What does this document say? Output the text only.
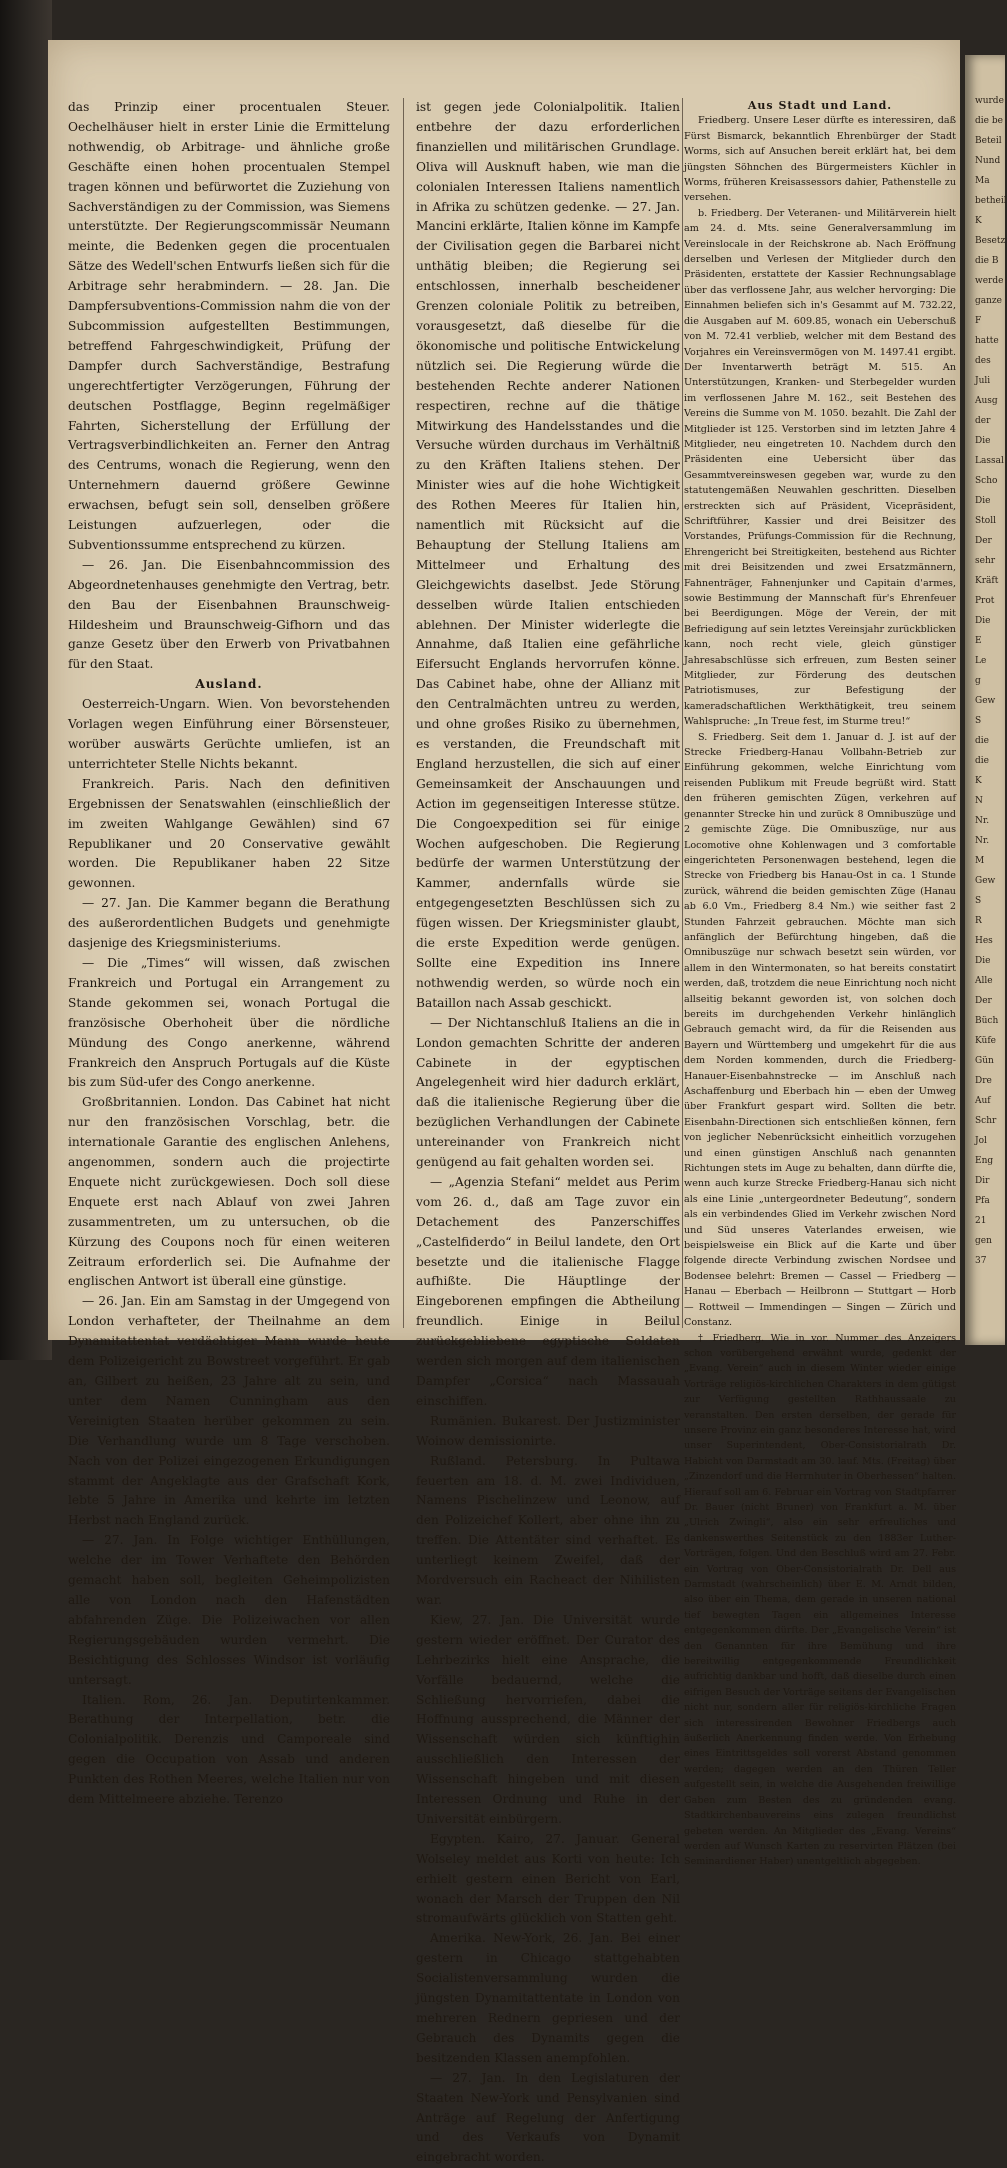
das Prinzip einer procentualen Steuer. Oechelhäuser hielt in erster Linie die Ermittelung nothwendig, ob Arbitrage- und ähnliche große Geschäfte einen hohen procentualen Stempel tragen können und befürwortet die Zuziehung von Sachverständigen zu der Commission, was Siemens unterstützte. Der Regierungscommissär Neumann meinte, die Bedenken gegen die procentualen Sätze des Wedell'schen Entwurfs ließen sich für die Arbitrage sehr herabmindern. — 28. Jan. Die Dampfersubventions-Commission nahm die von der Subcommission aufgestellten Bestimmungen, betreffend Fahrgeschwindigkeit, Prüfung der Dampfer durch Sachverständige, Bestrafung ungerechtfertigter Verzögerungen, Führung der deutschen Postflagge, Beginn regelmäßiger Fahrten, Sicherstellung der Erfüllung der Vertragsverbindlichkeiten an. Ferner den Antrag des Centrums, wonach die Regierung, wenn den Unternehmern dauernd größere Gewinne erwachsen, befugt sein soll, denselben größere Leistungen aufzuerlegen, oder die Subventionssumme entsprechend zu kürzen.

— 26. Jan. Die Eisenbahncommission des Abgeordnetenhauses genehmigte den Vertrag, betr. den Bau der Eisenbahnen Braunschweig-Hildesheim und Braunschweig-Gifhorn und das ganze Gesetz über den Erwerb von Privatbahnen für den Staat.

Ausland.

Oesterreich-Ungarn. Wien. Von bevorstehenden Vorlagen wegen Einführung einer Börsensteuer, worüber auswärts Gerüchte umliefen, ist an unterrichteter Stelle Nichts bekannt.

Frankreich. Paris. Nach den definitiven Ergebnissen der Senatswahlen (einschließlich der im zweiten Wahlgange Gewählen) sind 67 Republikaner und 20 Conservative gewählt worden. Die Republikaner haben 22 Sitze gewonnen.

— 27. Jan. Die Kammer begann die Berathung des außerordentlichen Budgets und genehmigte dasjenige des Kriegsministeriums.

— Die „Times“ will wissen, daß zwischen Frankreich und Portugal ein Arrangement zu Stande gekommen sei, wonach Portugal die französische Oberhoheit über die nördliche Mündung des Congo anerkenne, während Frankreich den Anspruch Portugals auf die Küste bis zum Süd-ufer des Congo anerkenne.

Großbritannien. London. Das Cabinet hat nicht nur den französischen Vorschlag, betr. die internationale Garantie des englischen Anlehens, angenommen, sondern auch die projectirte Enquete nicht zurückgewiesen. Doch soll diese Enquete erst nach Ablauf von zwei Jahren zusammentreten, um zu untersuchen, ob die Kürzung des Coupons noch für einen weiteren Zeitraum erforderlich sei. Die Aufnahme der englischen Antwort ist überall eine günstige.

— 26. Jan. Ein am Samstag in der Umgegend von London verhafteter, der Theilnahme an dem Dynamitattentat verdächtiger Mann wurde heute dem Polizeigericht zu Bowstreet vorgeführt. Er gab an, Gilbert zu heißen, 23 Jahre alt zu sein, und unter dem Namen Cunningham aus den Vereinigten Staaten herüber gekommen zu sein. Die Verhandlung wurde um 8 Tage verschoben. Nach von der Polizei eingezogenen Erkundigungen stammt der Angeklagte aus der Grafschaft Kork, lebte 5 Jahre in Amerika und kehrte im letzten Herbst nach England zurück.

— 27. Jan. In Folge wichtiger Enthüllungen, welche der im Tower Verhaftete den Behörden gemacht haben soll, begleiten Geheimpolizisten alle von London nach den Hafenstädten abfahrenden Züge. Die Polizeiwachen vor allen Regierungsgebäuden wurden vermehrt. Die Besichtigung des Schlosses Windsor ist vorläufig untersagt.

Italien. Rom, 26. Jan. Deputirtenkammer. Berathung der Interpellation, betr. die Colonialpolitik. Derenzis und Camporeale sind gegen die Occupation von Assab und anderen Punkten des Rothen Meeres, welche Italien nur von dem Mittelmeere abziehe. Terenzo

ist gegen jede Colonialpolitik. Italien entbehre der dazu erforderlichen finanziellen und militärischen Grundlage. Oliva will Ausknuft haben, wie man die colonialen Interessen Italiens namentlich in Afrika zu schützen gedenke. — 27. Jan. Mancini erklärte, Italien könne im Kampfe der Civilisation gegen die Barbarei nicht unthätig bleiben; die Regierung sei entschlossen, innerhalb bescheidener Grenzen coloniale Politik zu betreiben, vorausgesetzt, daß dieselbe für die ökonomische und politische Entwickelung nützlich sei. Die Regierung würde die bestehenden Rechte anderer Nationen respectiren, rechne auf die thätige Mitwirkung des Handelsstandes und die Versuche würden durchaus im Verhältniß zu den Kräften Italiens stehen. Der Minister wies auf die hohe Wichtigkeit des Rothen Meeres für Italien hin, namentlich mit Rücksicht auf die Behauptung der Stellung Italiens am Mittelmeer und Erhaltung des Gleichgewichts daselbst. Jede Störung desselben würde Italien entschieden ablehnen. Der Minister widerlegte die Annahme, daß Italien eine gefährliche Eifersucht Englands hervorrufen könne. Das Cabinet habe, ohne der Allianz mit den Centralmächten untreu zu werden, und ohne großes Risiko zu übernehmen, es verstanden, die Freundschaft mit England herzustellen, die sich auf einer Gemeinsamkeit der Anschauungen und Action im gegenseitigen Interesse stütze. Die Congoexpedition sei für einige Wochen aufgeschoben. Die Regierung bedürfe der warmen Unterstützung der Kammer, andernfalls würde sie entgegengesetzten Beschlüssen sich zu fügen wissen. Der Kriegsminister glaubt, die erste Expedition werde genügen. Sollte eine Expedition ins Innere nothwendig werden, so würde noch ein Bataillon nach Assab geschickt.

— Der Nichtanschluß Italiens an die in London gemachten Schritte der anderen Cabinete in der egyptischen Angelegenheit wird hier dadurch erklärt, daß die italienische Regierung über die bezüglichen Verhandlungen der Cabinete untereinander von Frankreich nicht genügend au fait gehalten worden sei.

— „Agenzia Stefani“ meldet aus Perim vom 26. d., daß am Tage zuvor ein Detachement des Panzerschiffes „Castelfiderdo“ in Beilul landete, den Ort besetzte und die italienische Flagge aufhißte. Die Häuptlinge der Eingeborenen empfingen die Abtheilung freundlich. Einige in Beilul zurückgebliebene egyptische Soldaten werden sich morgen auf dem italienischen Dampfer „Corsica“ nach Massauah einschiffen.

Rumänien. Bukarest. Der Justizminister Woinow demissionirte.

Rußland. Petersburg. In Pultawa feuerten am 18. d. M. zwei Individuen, Namens Pischelinzew und Leonow, auf den Polizeichef Kollert, aber ohne ihn zu treffen. Die Attentäter sind verhaftet. Es unterliegt keinem Zweifel, daß der Mordversuch ein Racheact der Nihilisten war.

Kiew, 27. Jan. Die Universität wurde gestern wieder eröffnet. Der Curator des Lehrbezirks hielt eine Ansprache, die Vorfälle bedauernd, welche die Schließung hervorriefen, dabei die Hoffnung aussprechend, die Männer der Wissenschaft würden sich künftighin ausschließlich den Interessen der Wissenschaft hingeben und mit diesen Interessen Ordnung und Ruhe in der Universität einbürgern.

Egypten. Kairo, 27. Januar. General Wolseley meldet aus Korti von heute: Ich erhielt gestern einen Bericht von Earl, wonach der Marsch der Truppen den Nil stromaufwärts glücklich von Statten geht.

Amerika. New-York, 26. Jan. Bei einer gestern in Chicago stattgehabten Socialistenversammlung wurden die jüngsten Dynamitattentate in London von mehreren Rednern gepriesen und der Gebrauch des Dynamits gegen die besitzenden Klassen anempfohlen.

— 27. Jan. In den Legislaturen der Staaten New-York und Pensylvanien sind Anträge auf Regelung der Anfertigung und des Verkaufs von Dynamit eingebracht worden.

Aus Stadt und Land.

Friedberg. Unsere Leser dürfte es interessiren, daß Fürst Bismarck, bekanntlich Ehrenbürger der Stadt Worms, sich auf Ansuchen bereit erklärt hat, bei dem jüngsten Söhnchen des Bürgermeisters Küchler in Worms, früheren Kreisassessors dahier, Pathenstelle zu versehen.

b. Friedberg. Der Veteranen- und Militärverein hielt am 24. d. Mts. seine Generalversammlung im Vereinslocale in der Reichskrone ab. Nach Eröffnung derselben und Verlesen der Mitglieder durch den Präsidenten, erstattete der Kassier Rechnungsablage über das verflossene Jahr, aus welcher hervorging: Die Einnahmen beliefen sich in's Gesammt auf M. 732.22, die Ausgaben auf M. 609.85, wonach ein Ueberschuß von M. 72.41 verblieb, welcher mit dem Bestand des Vorjahres ein Vereinsvermögen von M. 1497.41 ergibt. Der Inventarwerth beträgt M. 515. An Unterstützungen, Kranken- und Sterbegelder wurden im verflossenen Jahre M. 162., seit Bestehen des Vereins die Summe von M. 1050. bezahlt. Die Zahl der Mitglieder ist 125. Verstorben sind im letzten Jahre 4 Mitglieder, neu eingetreten 10. Nachdem durch den Präsidenten eine Uebersicht über das Gesammtvereinswesen gegeben war, wurde zu den statutengemäßen Neuwahlen geschritten. Dieselben erstreckten sich auf Präsident, Vicepräsident, Schriftführer, Kassier und drei Beisitzer des Vorstandes, Prüfungs-Commission für die Rechnung, Ehrengericht bei Streitigkeiten, bestehend aus Richter mit drei Beisitzenden und zwei Ersatzmännern, Fahnenträger, Fahnenjunker und Capitain d'armes, sowie Bestimmung der Mannschaft für's Ehrenfeuer bei Beerdigungen. Möge der Verein, der mit Befriedigung auf sein letztes Vereinsjahr zurückblicken kann, noch recht viele, gleich günstiger Jahresabschlüsse sich erfreuen, zum Besten seiner Mitglieder, zur Förderung des deutschen Patriotismuses, zur Befestigung der kameradschaftlichen Werkthätigkeit, treu seinem Wahlspruche: „In Treue fest, im Sturme treu!“

S. Friedberg. Seit dem 1. Januar d. J. ist auf der Strecke Friedberg-Hanau Vollbahn-Betrieb zur Einführung gekommen, welche Einrichtung vom reisenden Publikum mit Freude begrüßt wird. Statt den früheren gemischten Zügen, verkehren auf genannter Strecke hin und zurück 8 Omnibuszüge und 2 gemischte Züge. Die Omnibuszüge, nur aus Locomotive ohne Kohlenwagen und 3 comfortable eingerichteten Personenwagen bestehend, legen die Strecke von Friedberg bis Hanau-Ost in ca. 1 Stunde zurück, während die beiden gemischten Züge (Hanau ab 6.0 Vm., Friedberg 8.4 Nm.) wie seither fast 2 Stunden Fahrzeit gebrauchen. Möchte man sich anfänglich der Befürchtung hingeben, daß die Omnibuszüge nur schwach besetzt sein würden, vor allem in den Wintermonaten, so hat bereits constatirt werden, daß, trotzdem die neue Einrichtung noch nicht allseitig bekannt geworden ist, von solchen doch bereits im durchgehenden Verkehr hinlänglich Gebrauch gemacht wird, da für die Reisenden aus Bayern und Württemberg und umgekehrt für die aus dem Norden kommenden, durch die Friedberg-Hanauer-Eisenbahnstrecke — im Anschluß nach Aschaffenburg und Eberbach hin — eben der Umweg über Frankfurt gespart wird. Sollten die betr. Eisenbahn-Directionen sich entschließen können, fern von jeglicher Nebenrücksicht einheitlich vorzugehen und einen günstigen Anschluß nach genannten Richtungen stets im Auge zu behalten, dann dürfte die, wenn auch kurze Strecke Friedberg-Hanau sich nicht als eine Linie „untergeordneter Bedeutung“, sondern als ein verbindendes Glied im Verkehr zwischen Nord und Süd unseres Vaterlandes erweisen, wie beispielsweise ein Blick auf die Karte und über folgende directe Verbindung zwischen Nordsee und Bodensee belehrt: Bremen — Cassel — Friedberg — Hanau — Eberbach — Heilbronn — Stuttgart — Horb — Rottweil — Immendingen — Singen — Zürich und Constanz.

† Friedberg. Wie in vor. Nummer des Anzeigers schon vorübergehend erwähnt wurde, gedenkt der „Evang. Verein“ auch in diesem Winter wieder einige Vorträge religiös-kirchlichen Charakters in dem gütigst zur Verfügung gestellten Rathhaussaale zu veranstalten. Den ersten derselben, der gerade für unsere Provinz ein ganz besonderes Interesse hat, wird unser Superintendent, Ober-Consistorialrath Dr. Habicht von Darmstadt am 30. lauf. Mts. (Freitag) über „Zinzendorf und die Herrnhuter in Oberhessen“ halten. Hierauf soll am 6. Februar ein Vortrag von Stadtpfarrer Dr. Bauer (nicht Bruner) von Frankfurt a. M. über „Ulrich Zwingli“, also ein sehr erfreuliches und dankenswerthes Seitenstück zu den 1883er Luther-Vorträgen, folgen. Und den Beschluß wird am 27. Febr. ein Vortrag von Ober-Consistorialrath Dr. Dell aus Darmstadt (wahrscheinlich) über E. M. Arndt bilden, also über ein Thema, dem gerade in unseren national tief bewegten Tagen ein allgemeines Interesse entgegenkommen dürfte. Der „Evangelische Verein“ ist den Genannten für ihre Bemühung und ihre bereitwillig entgegenkommende Freundlichkeit aufrichtig dankbar und hofft, daß dieselbe durch einen eifrigen Besuch der Vorträge seitens der Evangelischen nicht nur, sondern aller für religiös-kirchliche Fragen sich interessirenden Bewohner Friedbergs auch äußerlich Anerkennung finden werde. Von Erhebung eines Eintrittsgeldes soll vorerst Abstand genommen werden; dagegen werden an den Thüren Teller aufgestellt sein, in welche die Ausgehenden freiwillige Gaben zum Besten des zu gründenden evang. Stadtkirchenbauvereins eins zulegen freundlichst gebeten werden. An Mitglieder des „Evang. Vereins“ werden auf Wunsch Karten zu reservirten Plätzen (bei Seminardiener Haber) unentgeltlich abgegeben.

wurde
die be
Beteil
Nund
Ma
betheil
K
Besetz
die B
werde
ganze
F
hatte
des
Juli
Ausg
der
Die
Lassal
Scho
Die
Stoll
Der
sehr
Kräft
Prot
Die
E
Le
g
Gew
S
die
die
K
N
Nr.
Nr.
M
Gew
S
R
Hes
Die
Alle
Der
Büch
Küfe
Gün
Dre
Auf
Schr
Jol
Eng
Dir
Pfa
21
gen
37
